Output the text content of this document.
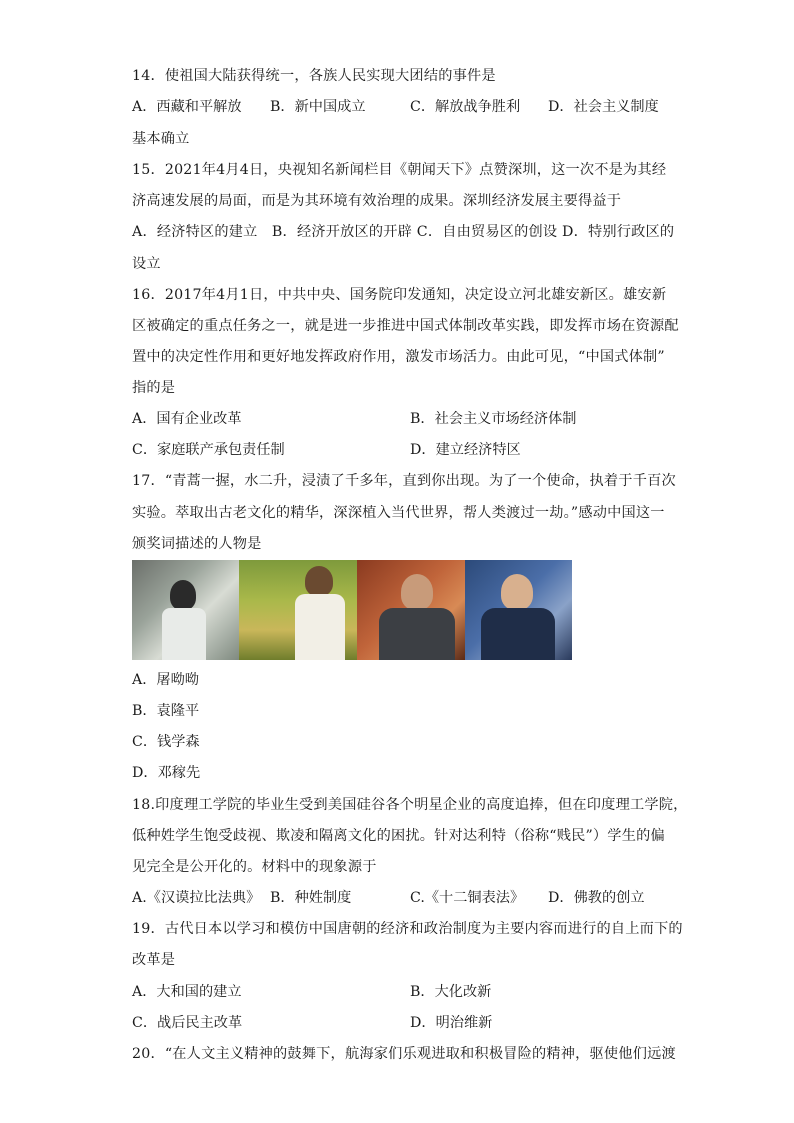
14．使祖国大陆获得统一，各族人民实现大团结的事件是
A．西藏和平解放 B．新中国成立	C．解放战争胜利 D．社会主义制度
基本确立
15．2021年4月4日，央视知名新闻栏目《朝闻天下》点赞深圳，这一次不是为其经
济高速发展的局面，而是为其环境有效治理的成果。深圳经济发展主要得益于
A．经济特区的建立　B．经济开放区的开辟 C．自由贸易区的创设 D．特别行政区的
设立
16．2017年4月1日，中共中央、国务院印发通知，决定设立河北雄安新区。雄安新
区被确定的重点任务之一，就是进一步推进中国式体制改革实践，即发挥市场在资源配
置中的决定性作用和更好地发挥政府作用，激发市场活力。由此可见，“中国式体制”
指的是
A．国有企业改革	B．社会主义市场经济体制
C．家庭联产承包责任制	D．建立经济特区
17．“青蒿一握，水二升，浸渍了千多年，直到你出现。为了一个使命，执着于千百次
实验。萃取出古老文化的精华，深深植入当代世界，帮人类渡过一劫。”感动中国这一
颁奖词描述的人物是
A．屠呦呦
B．袁隆平
C．钱学森
D．邓稼先
18.印度理工学院的毕业生受到美国硅谷各个明星企业的高度追捧，但在印度理工学院，
低种姓学生饱受歧视、欺凌和隔离文化的困扰。针对达利特（俗称“贱民”）学生的偏
见完全是公开化的。材料中的现象源于
A.《汉谟拉比法典》 B．种姓制度	C.《十二铜表法》 D．佛教的创立
19．古代日本以学习和模仿中国唐朝的经济和政治制度为主要内容而进行的自上而下的
改革是
A．大和国的建立	B．大化改新
C．战后民主改革	D．明治维新
20．“在人文主义精神的鼓舞下，航海家们乐观进取和积极冒险的精神，驱使他们远渡
